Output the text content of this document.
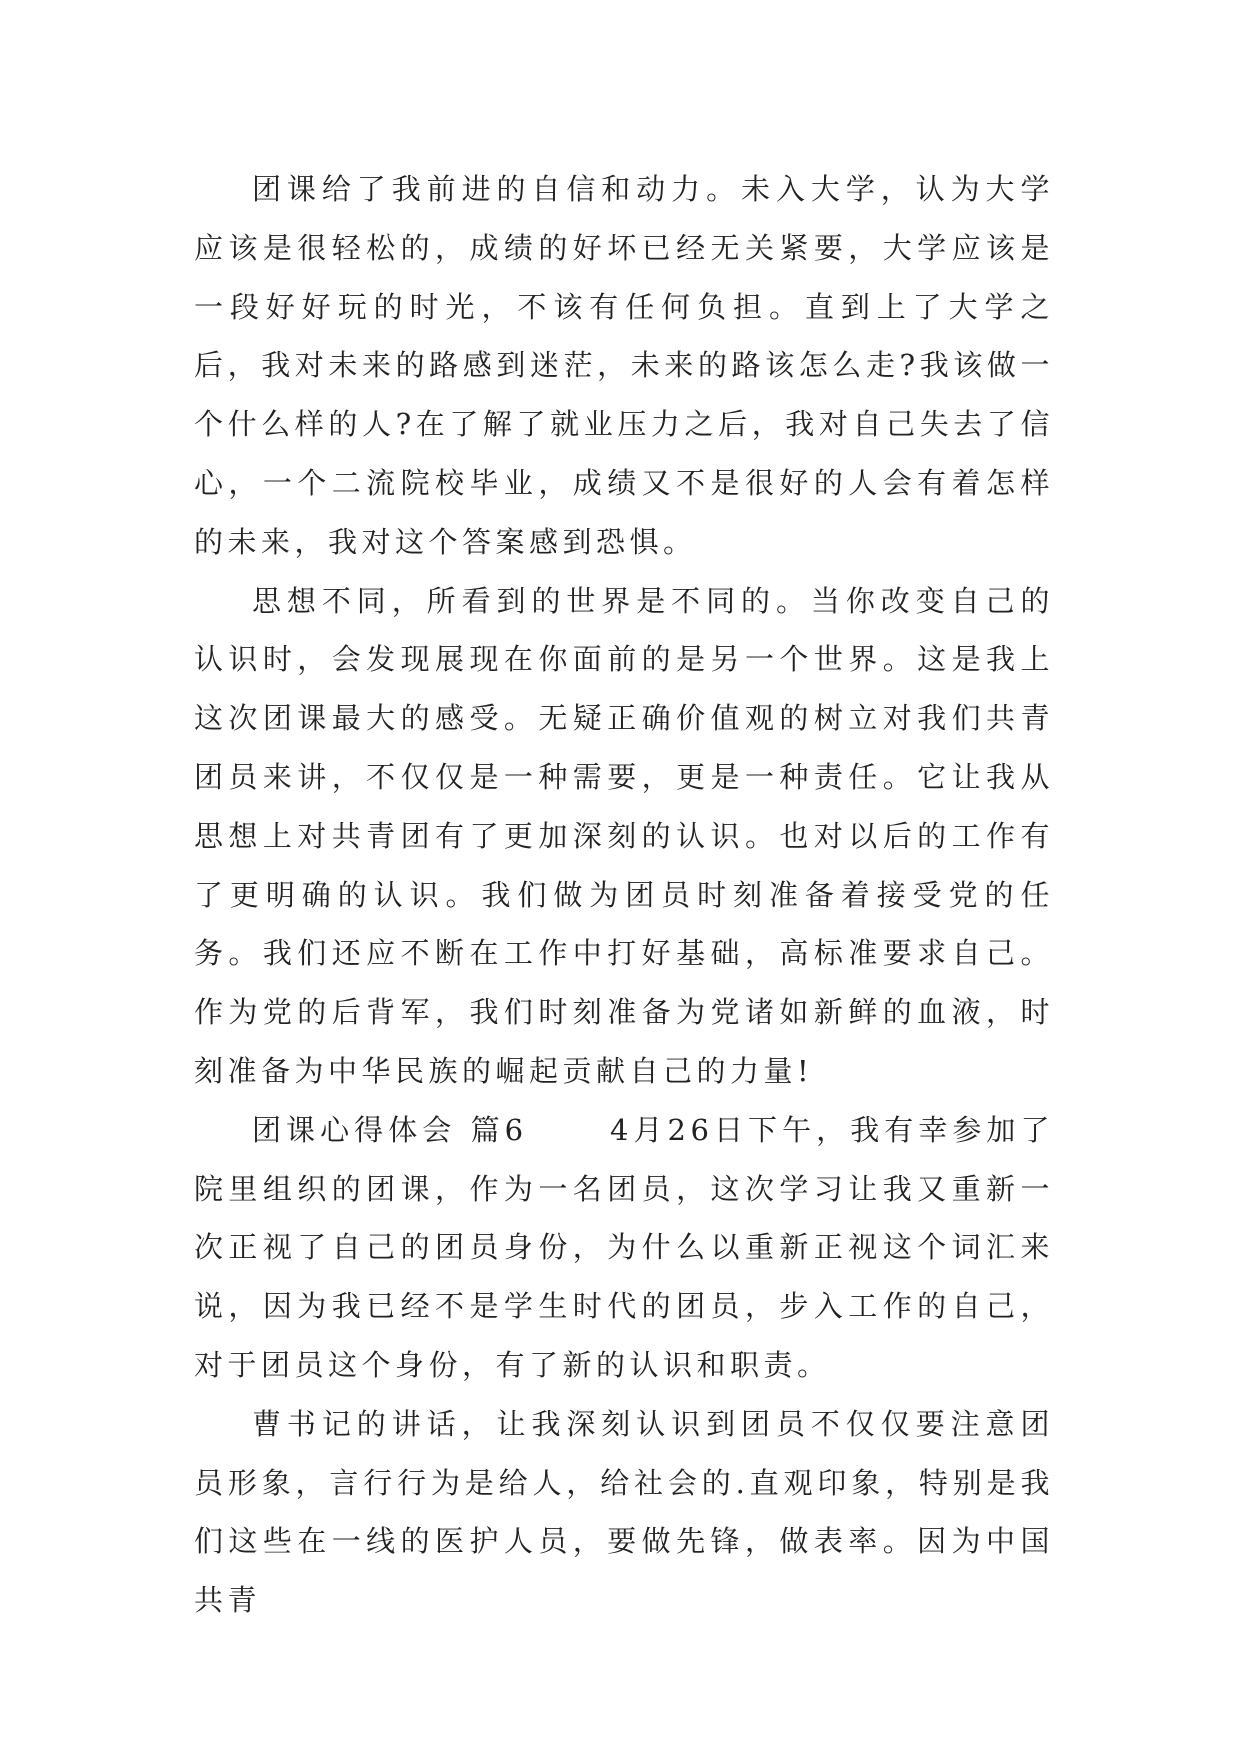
团课给了我前进的自信和动力。未入大学，认为大学应该是很轻松的，成绩的好坏已经无关紧要，大学应该是一段好好玩的时光，不该有任何负担。直到上了大学之后，我对未来的路感到迷茫，未来的路该怎么走?我该做一个什么样的人?在了解了就业压力之后，我对自己失去了信心，一个二流院校毕业，成绩又不是很好的人会有着怎样的未来，我对这个答案感到恐惧。

思想不同，所看到的世界是不同的。当你改变自己的认识时，会发现展现在你面前的是另一个世界。这是我上这次团课最大的感受。无疑正确价值观的树立对我们共青团员来讲，不仅仅是一种需要，更是一种责任。它让我从思想上对共青团有了更加深刻的认识。也对以后的工作有了更明确的认识。我们做为团员时刻准备着接受党的任务。我们还应不断在工作中打好基础，高标准要求自己。作为党的后背军，我们时刻准备为党诸如新鲜的血液，时刻准备为中华民族的崛起贡献自己的力量!

团课心得体会 篇6 　　4月26日下午，我有幸参加了院里组织的团课，作为一名团员，这次学习让我又重新一次正视了自己的团员身份，为什么以重新正视这个词汇来说，因为我已经不是学生时代的团员，步入工作的自己，对于团员这个身份，有了新的认识和职责。

曹书记的讲话，让我深刻认识到团员不仅仅要注意团员形象，言行行为是给人，给社会的.直观印象，特别是我们这些在一线的医护人员，要做先锋，做表率。因为中国共青
